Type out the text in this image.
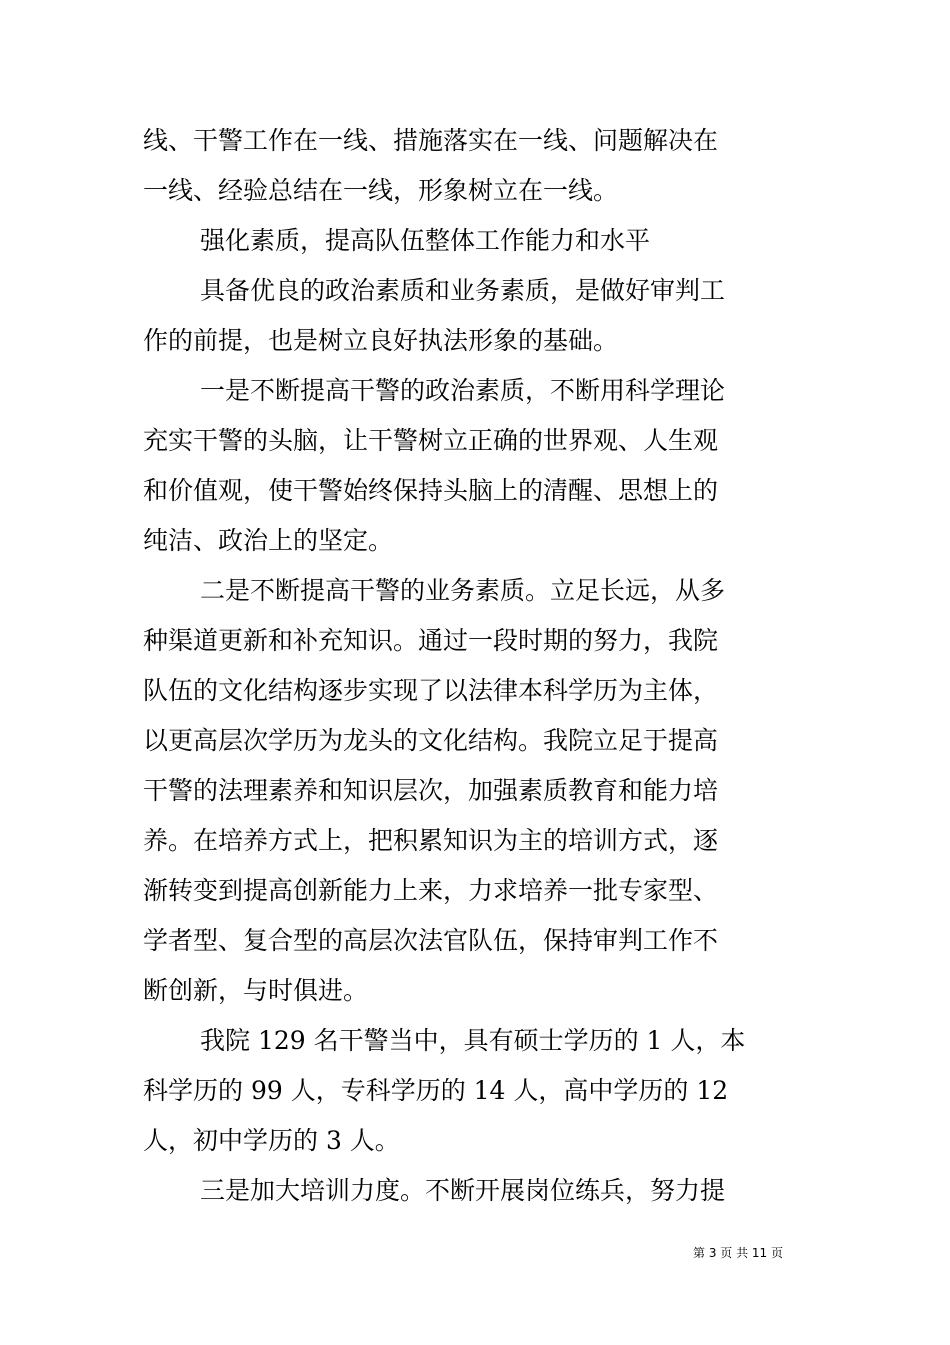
线、干警工作在一线、措施落实在一线、问题解决在
一线、经验总结在一线，形象树立在一线。
强化素质，提高队伍整体工作能力和水平
具备优良的政治素质和业务素质，是做好审判工
作的前提，也是树立良好执法形象的基础。
一是不断提高干警的政治素质，不断用科学理论
充实干警的头脑，让干警树立正确的世界观、人生观
和价值观，使干警始终保持头脑上的清醒、思想上的
纯洁、政治上的坚定。
二是不断提高干警的业务素质。立足长远，从多
种渠道更新和补充知识。通过一段时期的努力，我院
队伍的文化结构逐步实现了以法律本科学历为主体，
以更高层次学历为龙头的文化结构。我院立足于提高
干警的法理素养和知识层次，加强素质教育和能力培
养。在培养方式上，把积累知识为主的培训方式，逐
渐转变到提高创新能力上来，力求培养一批专家型、
学者型、复合型的高层次法官队伍，保持审判工作不
断创新，与时俱进。
我院 129 名干警当中，具有硕士学历的 1 人，本
科学历的 99 人，专科学历的 14 人，高中学历的 12
人，初中学历的 3 人。
三是加大培训力度。不断开展岗位练兵，努力提
第 3 页 共 11 页
